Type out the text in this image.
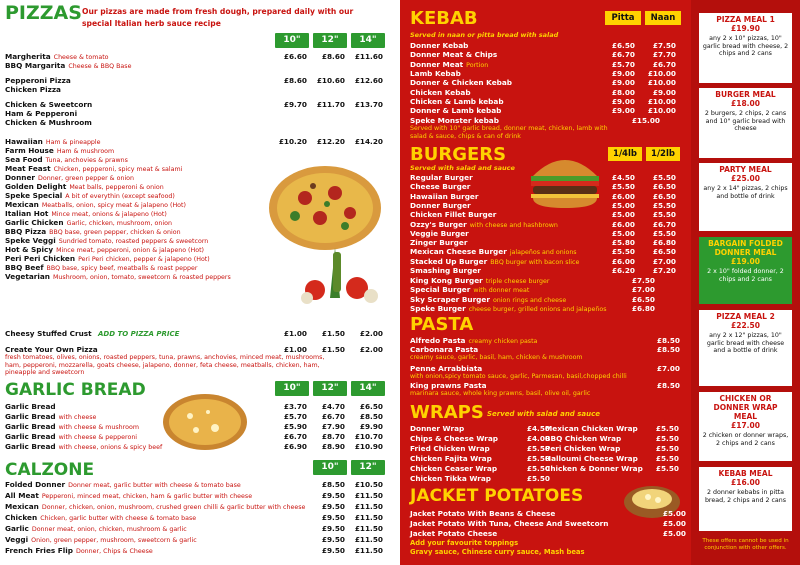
PIZZAS Our pizzas are made from fresh dough, prepared daily with our special Italian herb sauce recipe
10"	12"	14"
Margherita Cheese & tomato	£6.60	£8.60	£11.60
BBQ Margarita Cheese & BBQ Base
Pepperoni Pizza	£8.60	£10.60	£12.60
Chicken Pizza
Chicken & Sweetcorn	£9.70	£11.70	£13.70
Ham & Pepperoni
Chicken & Mushroom
Hawaiian Ham & pineapple	£10.20	£12.20	£14.20
Farm House Ham & mushroom
Sea Food Tuna, anchovies & prawns
Meat Feast Chicken, pepperoni, spicy meat & salami
Donner Donner, green pepper & onion
Golden Delight Meat balls, pepperoni & onion
Speke Special A bit of everythin (except seafood)
Mexican Meatballs, onion, spicy meat & jalapeno (Hot)
Italian Hot Mince meat, onions & jalapeno (Hot)
Garlic Chicken Garlic, chicken, mushroom, onion
BBQ Pizza BBQ base, green pepper, chicken & onion
Speke Veggi Sundried tomato, roasted peppers & sweetcorn
Hot & Spicy Mince meat, pepperoni, onion & jalapeno (Hot)
Peri Peri Chicken Peri Peri chicken, pepper & jalapeno (Hot)
BBQ Beef BBQ base, spicy beef, meatballs & roast pepper
Vegetarian Mushroom, onion, tomato, sweetcorn & roasted peppers
Cheesy Stuffed Crust ADD TO PIZZA PRICE	£1.00	£1.50	£2.00
Create Your Own Pizza	£1.00	£1.50	£2.00
fresh tomatoes, olives, onions, roasted peppers, tuna, prawns, anchovies, minced meat, mushrooms, ham, pepperoni, mozzarella, goats cheese, jalapeno, donner, feta cheese, meatballs, chicken, ham, pineapple and sweetcorn
GARLIC BREAD	10"	12"	14"
Garlic Bread	£3.70	£4.70	£6.50
Garlic Bread with cheese	£5.70	£6.70	£8.50
Garlic Bread with cheese & mushroom	£5.90	£7.90	£9.90
Garlic Bread with cheese & pepperoni	£6.70	£8.70	£10.70
Garlic Bread with cheese, onions & spicy beef	£6.90	£8.90	£10.90
CALZONE	10"	12"
Folded Donner Donner meat, garlic butter with cheese & tomato base	£8.50	£10.50
All Meat Pepperoni, minced meat, chicken, ham & garlic butter with cheese	£9.50	£11.50
Mexican Donner, chicken, onion, mushroom, crushed green chilli & garlic butter with cheese	£9.50	£11.50
Chicken Chicken, garlic butter with cheese & tomato base	£9.50	£11.50
Garlic Donner meat, onion, chicken, mushroom & garlic	£9.50	£11.50
Veggi Onion, green pepper, mushroom, sweetcorn & garlic	£9.50	£11.50
French Fries Flip Donner, Chips & Cheese	£9.50	£11.50
KEBAB	Pitta	Naan
Served in naan or pitta bread with salad
Donner Kebab	£6.50	£7.50
Donner Meat & Chips	£6.70	£7.70
Donner Meat Portion	£5.70	£6.70
Lamb Kebab	£9.00	£10.00
Donner & Chicken Kebab	£9.00	£10.00
Chicken Kebab	£8.00	£9.00
Chicken & Lamb kebab	£9.00	£10.00
Donner & Lamb kebab	£9.00	£10.00
Speke Monster kebab	£15.00
Served with 10" garlic bread, donner meat, chicken, lamb with salad & sauce, chips & can of drink
BURGERS	1/4lb	1/2lb
Served with salad and sauce
Regular Burger	£4.50	£5.50
Cheese Burger	£5.50	£6.50
Hawaiian Burger	£6.00	£6.50
Donner Burger	£5.00	£5.50
Chicken Fillet Burger	£5.00	£5.50
Ozzy's Burger with cheese and hashbrown	£6.00	£6.70
Veggie Burger	£5.00	£5.50
Zinger Burger	£5.80	£6.80
Mexican Cheese Burger jalapeños and onions	£5.50	£6.50
Stacked Up Burger BBQ burger with bacon slice	£6.00	£7.00
Smashing Burger	£6.20	£7.20
King Kong Burger triple cheese burger	£7.50
Special Burger with donner meat	£7.00
Sky Scraper Burger onion rings and cheese	£6.50
Speke Burger cheese burger, grilled onions and jalapeños	£6.80
PASTA
Alfredo Pasta creamy chicken pasta	£8.50
Carbonara Pasta	£8.50
creamy sauce, garlic, basil, ham, chicken & mushroom
Penne Arrabbiata	£7.00
with onion,spicy tomato sauce, garlic, Parmesan, basil,chopped chilli
King prawns Pasta	£8.50
marinara sauce, whole king prawns, basil, olive oil, garlic
WRAPS Served with salad and sauce
Donner Wrap	£4.50
Chips & Cheese Wrap	£4.00
Fried Chicken Wrap	£5.50
Chicken Fajita Wrap	£5.50
Chicken Ceaser Wrap	£5.50
Chicken Tikka Wrap	£5.50
Mexican Chicken Wrap	£5.50
BBQ Chicken Wrap	£5.50
Peri Chicken Wrap	£5.50
Halloumi Cheese Wrap	£5.50
Chicken & Donner Wrap	£5.50
JACKET POTATOES
Jacket Potato With Beans & Cheese	£5.00
Jacket Potato With Tuna, Cheese And Sweetcorn	£5.00
Jacket Potato Cheese	£5.00
Add your favourite toppings
Gravy sauce, Chinese curry sauce, Mash beas
PIZZA MEAL 1
£19.90
any 2 x 10" pizzas, 10" garlic bread with cheese, 2 chips and 2 cans
BURGER MEAL
£18.00
2 burgers, 2 chips, 2 cans and 10" garlic bread with cheese
PARTY MEAL
£25.00
any 2 x 14" pizzas, 2 chips and bottle of drink
BARGAIN FOLDED DONNER MEAL
£19.00
2 x 10" folded donner, 2 chips and 2 cans
PIZZA MEAL 2
£22.50
any 2 x 12" pizzas, 10" garlic bread with cheese and a bottle of drink
CHICKEN OR DONNER WRAP MEAL
£17.00
2 chicken or donner wraps, 2 chips and 2 cans
KEBAB MEAL
£16.00
2 donner kebabs in pitta bread, 2 chips and 2 cans
These offers cannot be used in conjunction with other offers.
